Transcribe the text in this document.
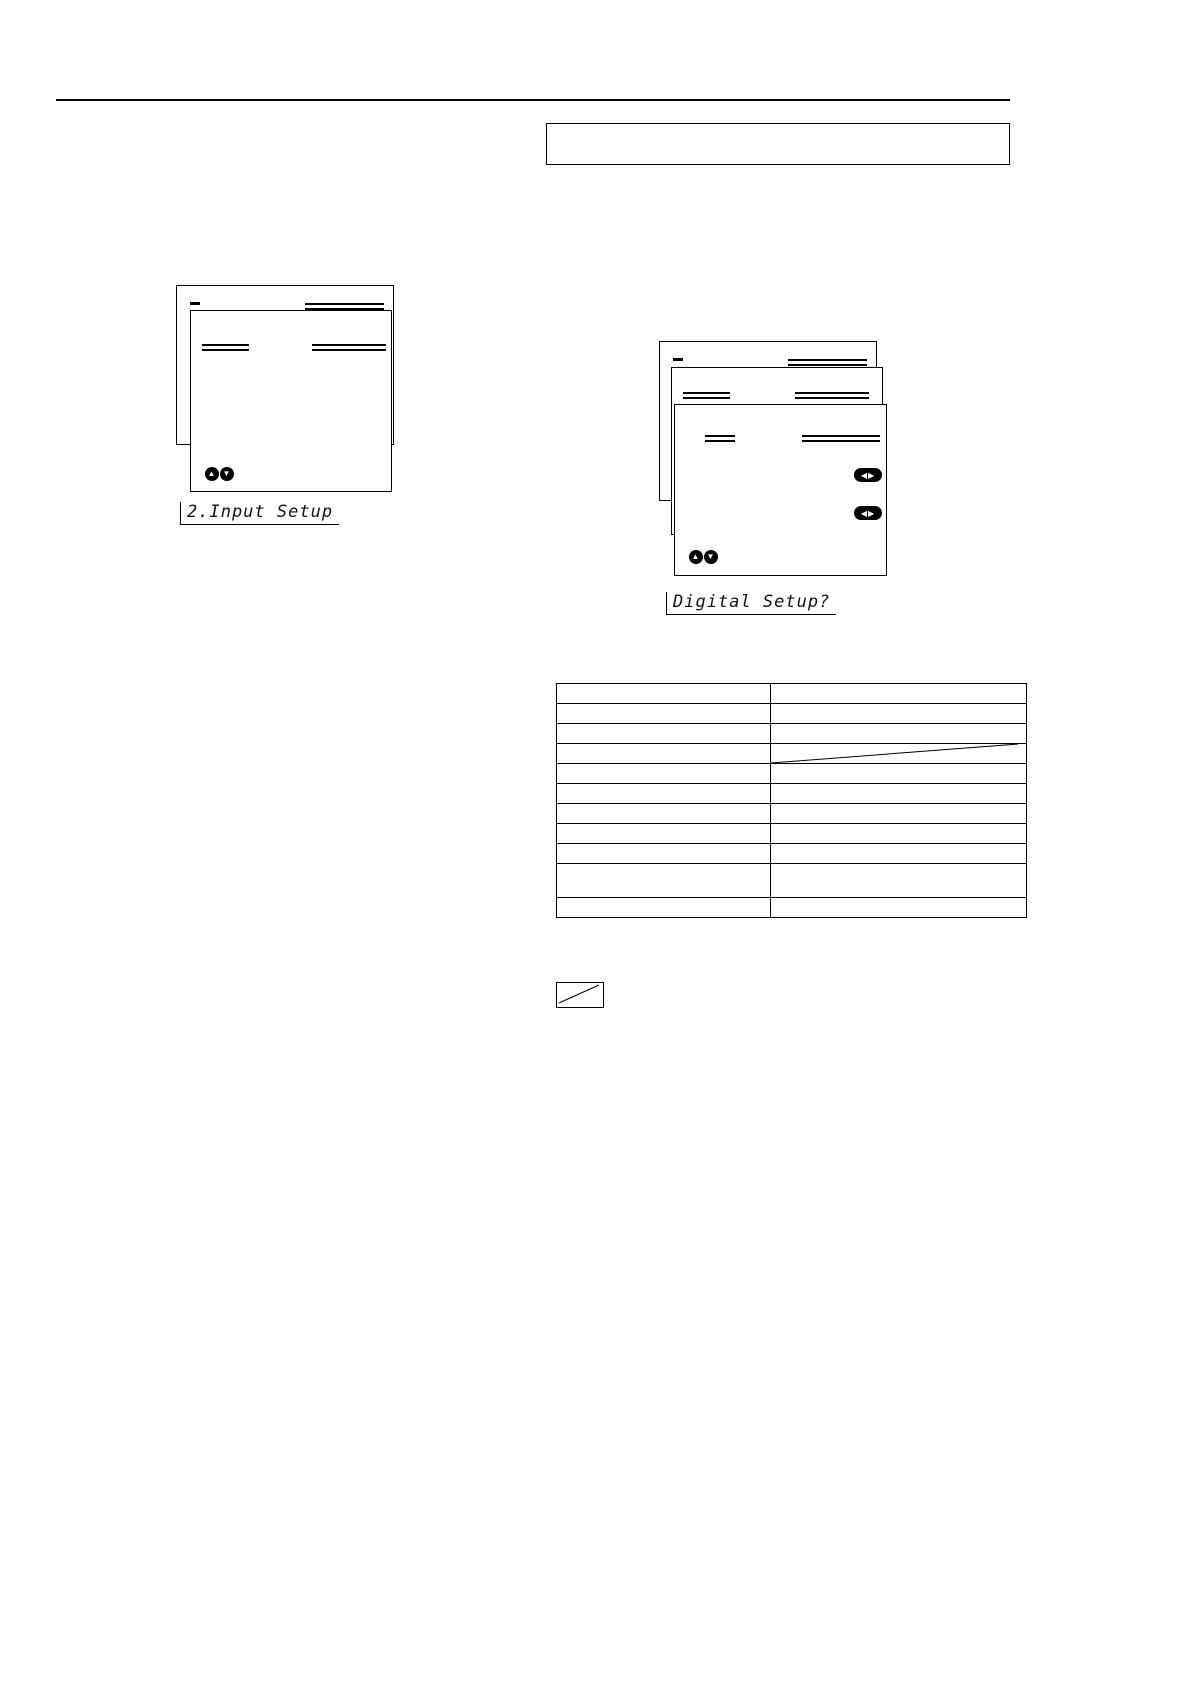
▲ ▼
2.Input Setup
◀▶
◀▶
▲ ▼
Digital Setup?
